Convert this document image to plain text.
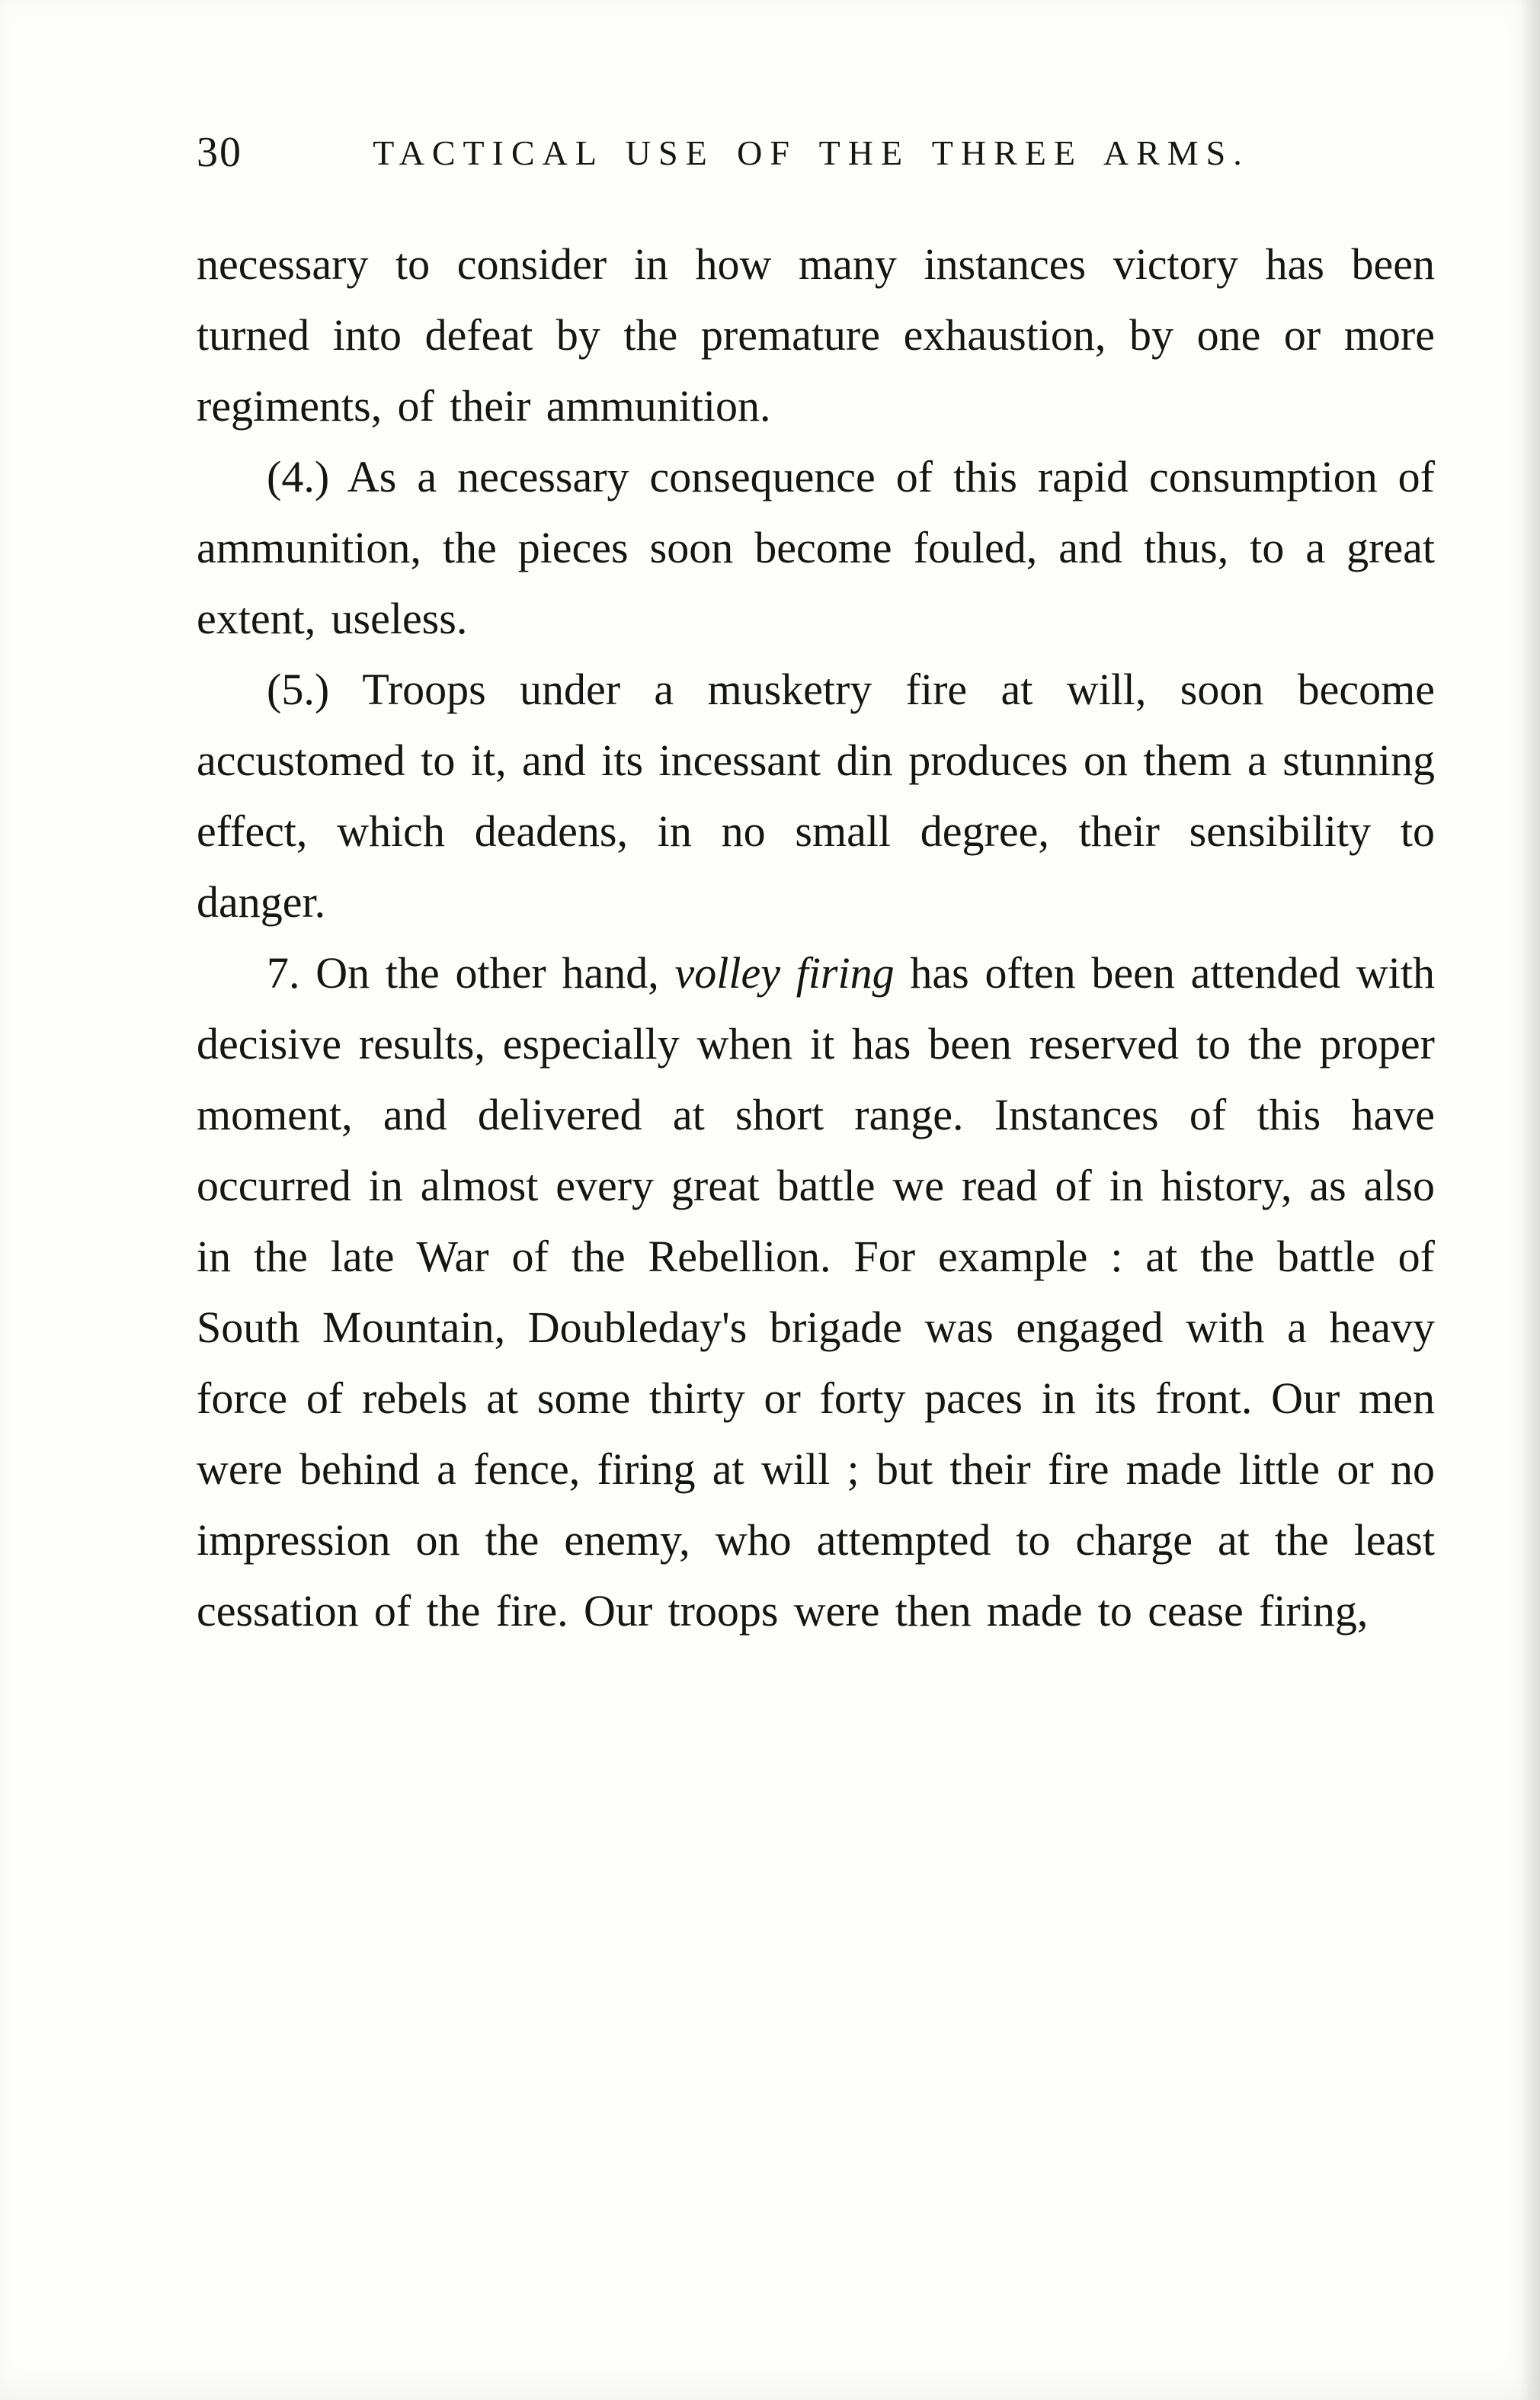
30	TACTICAL USE OF THE THREE ARMS.

necessary to consider in how many instances victory has been turned into defeat by the premature exhaustion, by one or more regiments, of their ammunition.

(4.) As a necessary consequence of this rapid consumption of ammunition, the pieces soon become fouled, and thus, to a great extent, useless.

(5.) Troops under a musketry fire at will, soon become accustomed to it, and its incessant din produces on them a stunning effect, which deadens, in no small degree, their sensibility to danger.

7. On the other hand, volley firing has often been attended with decisive results, especially when it has been reserved to the proper moment, and delivered at short range. Instances of this have occurred in almost every great battle we read of in history, as also in the late War of the Rebellion. For example : at the battle of South Mountain, Doubleday's brigade was engaged with a heavy force of rebels at some thirty or forty paces in its front. Our men were behind a fence, firing at will ; but their fire made little or no impression on the enemy, who attempted to charge at the least cessation of the fire. Our troops were then made to cease firing,
